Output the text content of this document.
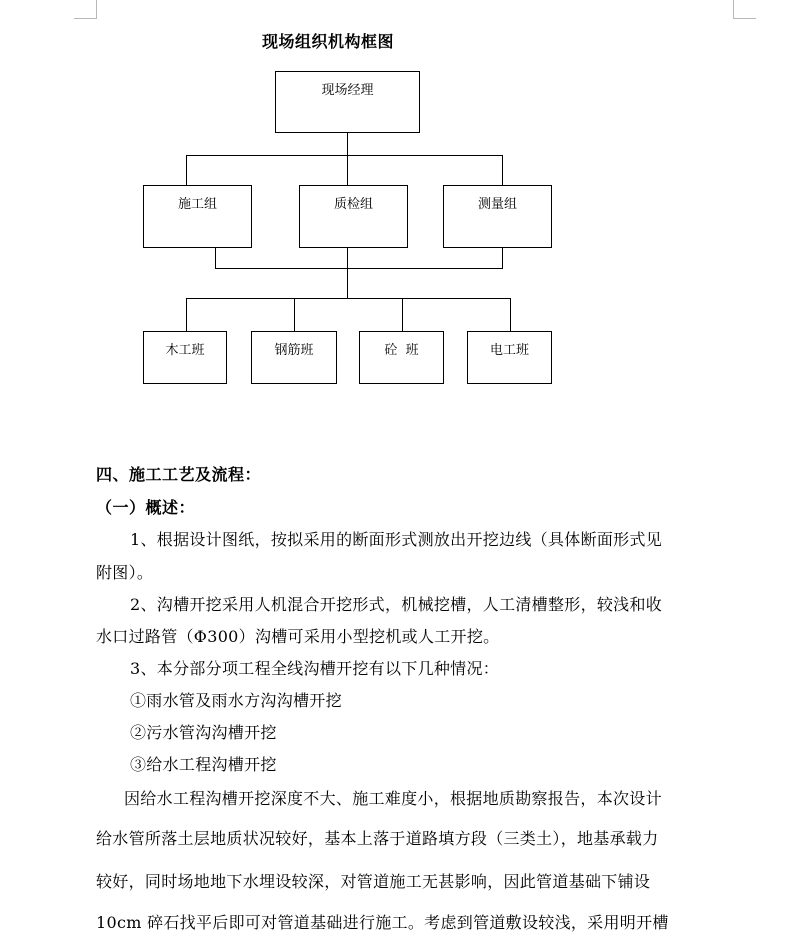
现场组织机构框图
现场经理
施工组	质检组	测量组
木工班	钢筋班	砼  班	电工班
四、施工工艺及流程：
（一）概述：
1、根据设计图纸，按拟采用的断面形式测放出开挖边线（具体断面形式见
附图）。
2、沟槽开挖采用人机混合开挖形式，机械挖槽，人工清槽整形，较浅和收
水口过路管（Φ300）沟槽可采用小型挖机或人工开挖。
3、本分部分项工程全线沟槽开挖有以下几种情况：
①雨水管及雨水方沟沟槽开挖
②污水管沟沟槽开挖
③给水工程沟槽开挖
因给水工程沟槽开挖深度不大、施工难度小，根据地质勘察报告，本次设计
给水管所落土层地质状况较好，基本上落于道路填方段（三类土），地基承载力
较好，同时场地地下水埋设较深，对管道施工无甚影响，因此管道基础下铺设
10cm 碎石找平后即可对管道基础进行施工。考虑到管道敷设较浅，采用明开槽
